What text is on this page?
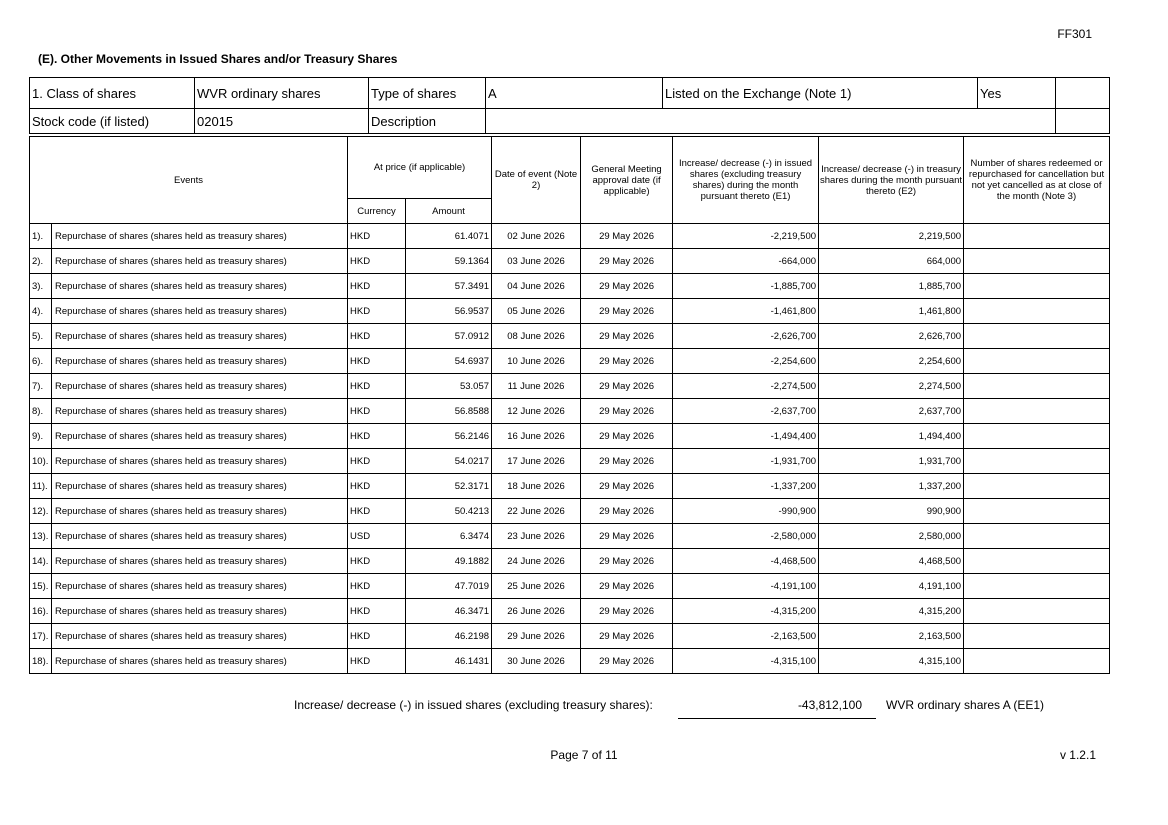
FF301
(E). Other Movements in Issued Shares and/or Treasury Shares
1. Class of shares	WVR ordinary shares	Type of shares	A	Listed on the Exchange (Note 1)	Yes	
Stock code (if listed)	02015	Description				
Events		At price (if applicable)		Date of event (Note 2)	General Meeting approval date (if applicable)	Increase/ decrease (-) in issued shares (excluding treasury shares) during the month pursuant thereto (E1)	Increase/ decrease (-) in treasury shares during the month pursuant thereto (E2)	Number of shares redeemed or repurchased for cancellation but not yet cancelled as at close of the month (Note 3)
		Currency	Amount					
1).	Repurchase of shares (shares held as treasury shares)	HKD	61.4071	02 June 2026	29 May 2026	-2,219,500	2,219,500	
2).	Repurchase of shares (shares held as treasury shares)	HKD	59.1364	03 June 2026	29 May 2026	-664,000	664,000	
3).	Repurchase of shares (shares held as treasury shares)	HKD	57.3491	04 June 2026	29 May 2026	-1,885,700	1,885,700	
4).	Repurchase of shares (shares held as treasury shares)	HKD	56.9537	05 June 2026	29 May 2026	-1,461,800	1,461,800	
5).	Repurchase of shares (shares held as treasury shares)	HKD	57.0912	08 June 2026	29 May 2026	-2,626,700	2,626,700	
6).	Repurchase of shares (shares held as treasury shares)	HKD	54.6937	10 June 2026	29 May 2026	-2,254,600	2,254,600	
7).	Repurchase of shares (shares held as treasury shares)	HKD	53.057	11 June 2026	29 May 2026	-2,274,500	2,274,500	
8).	Repurchase of shares (shares held as treasury shares)	HKD	56.8588	12 June 2026	29 May 2026	-2,637,700	2,637,700	
9).	Repurchase of shares (shares held as treasury shares)	HKD	56.2146	16 June 2026	29 May 2026	-1,494,400	1,494,400	
10).	Repurchase of shares (shares held as treasury shares)	HKD	54.0217	17 June 2026	29 May 2026	-1,931,700	1,931,700	
11).	Repurchase of shares (shares held as treasury shares)	HKD	52.3171	18 June 2026	29 May 2026	-1,337,200	1,337,200	
12).	Repurchase of shares (shares held as treasury shares)	HKD	50.4213	22 June 2026	29 May 2026	-990,900	990,900	
13).	Repurchase of shares (shares held as treasury shares)	USD	6.3474	23 June 2026	29 May 2026	-2,580,000	2,580,000	
14).	Repurchase of shares (shares held as treasury shares)	HKD	49.1882	24 June 2026	29 May 2026	-4,468,500	4,468,500	
15).	Repurchase of shares (shares held as treasury shares)	HKD	47.7019	25 June 2026	29 May 2026	-4,191,100	4,191,100	
16).	Repurchase of shares (shares held as treasury shares)	HKD	46.3471	26 June 2026	29 May 2026	-4,315,200	4,315,200	
17).	Repurchase of shares (shares held as treasury shares)	HKD	46.2198	29 June 2026	29 May 2026	-2,163,500	2,163,500	
18).	Repurchase of shares (shares held as treasury shares)	HKD	46.1431	30 June 2026	29 May 2026	-4,315,100	4,315,100	
Increase/ decrease (-) in issued shares (excluding treasury shares):	-43,812,100 WVR ordinary shares A (EE1)
Page 7 of 11	v 1.2.1
